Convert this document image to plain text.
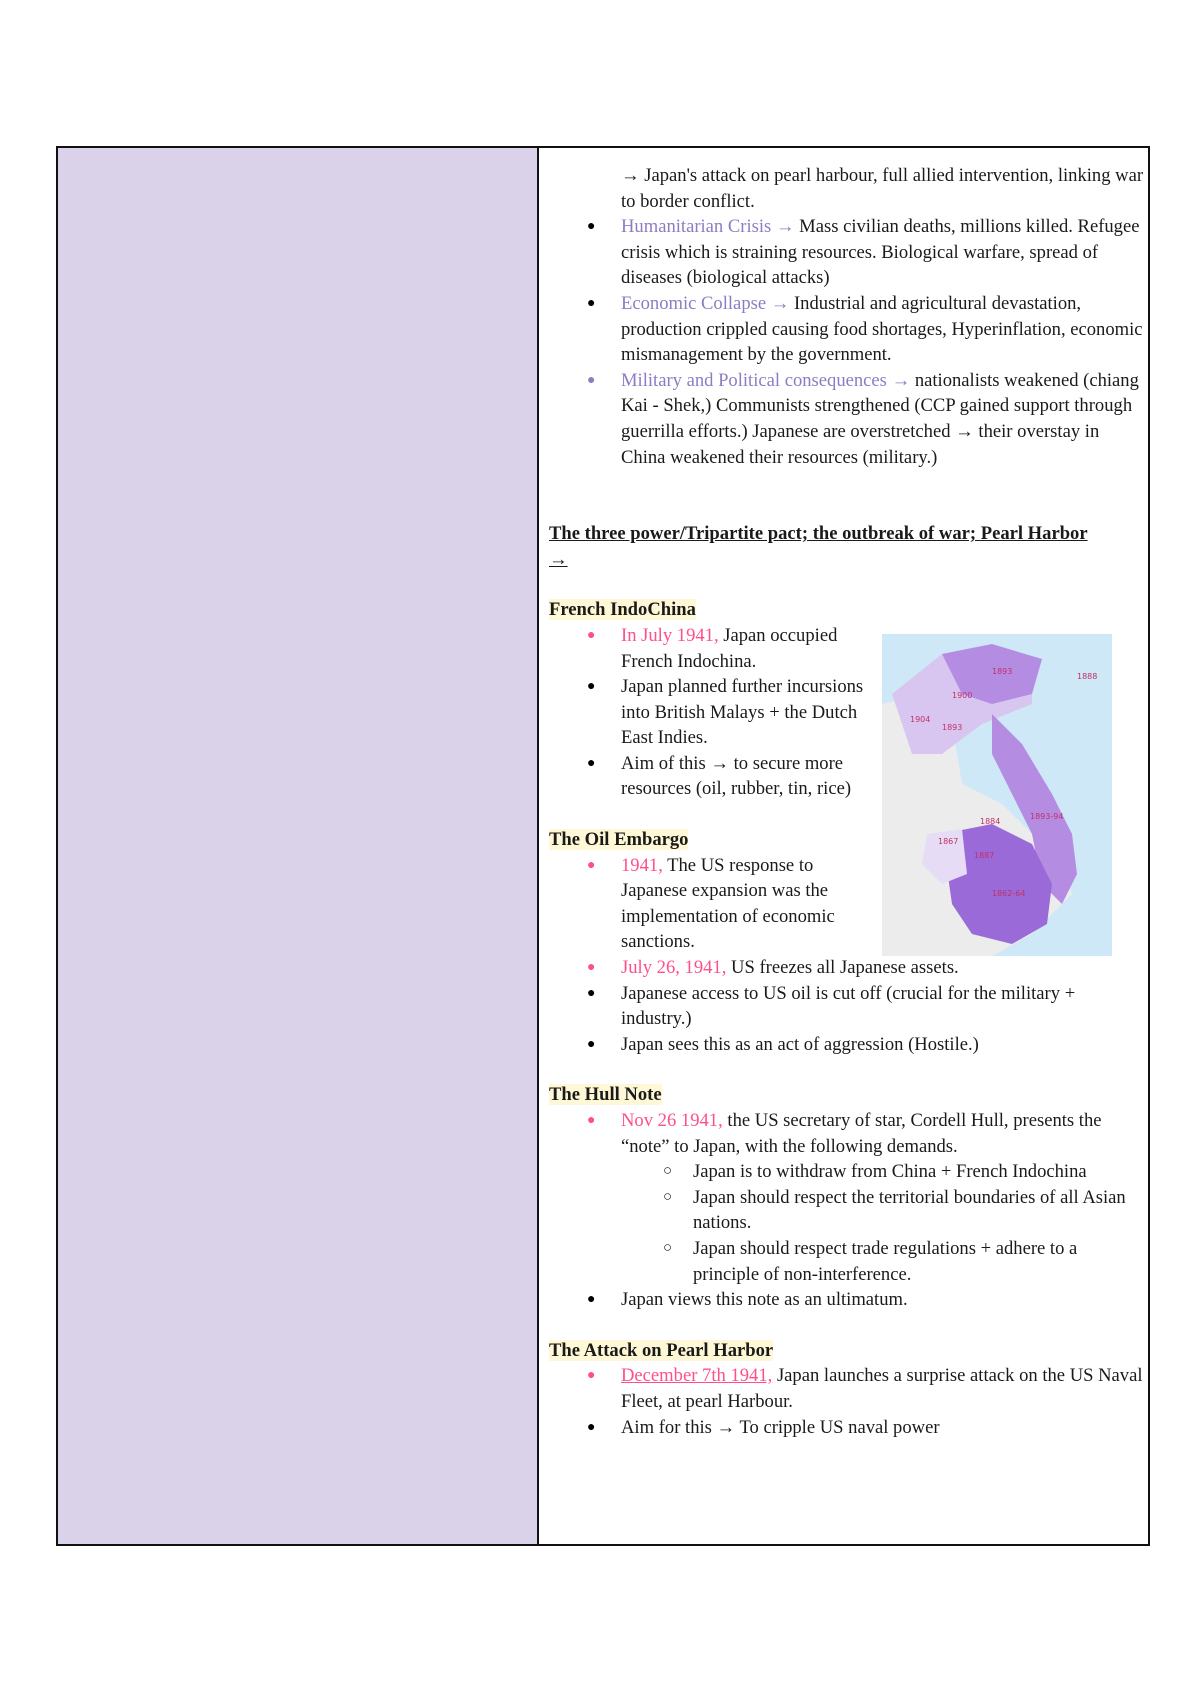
→ Japan's attack on pearl harbour, full allied intervention, linking war to border conflict.
● Humanitarian Crisis → Mass civilian deaths, millions killed. Refugee crisis which is straining resources. Biological warfare, spread of diseases (biological attacks)
● Economic Collapse → Industrial and agricultural devastation, production crippled causing food shortages, Hyperinflation, economic mismanagement by the government.
● Military and Political consequences → nationalists weakened (chiang Kai - Shek,) Communists strengthened (CCP gained support through guerrilla efforts.) Japanese are overstretched → their overstay in China weakened their resources (military.)

The three power/Tripartite pact; the outbreak of war; Pearl Harbor →

French IndoChina

● In July 1941, Japan occupied French Indochina.
● Japan planned further incursions into British Malays + the Dutch East Indies.
● Aim of this → to secure more resources (oil, rubber, tin, rice)

The Oil Embargo

● 1941, The US response to Japanese expansion was the implementation of economic sanctions.
● July 26, 1941, US freezes all Japanese assets.
● Japanese access to US oil is cut off (crucial for the military + industry.)
● Japan sees this as an act of aggression (Hostile.)

The Hull Note

● Nov 26 1941, the US secretary of star, Cordell Hull, presents the “note” to Japan, with the following demands.
○ Japan is to withdraw from China + French Indochina
○ Japan should respect the territorial boundaries of all Asian nations.
○ Japan should respect trade regulations + adhere to a principle of non-interference.
● Japan views this note as an ultimatum.

The Attack on Pearl Harbor

● December 7th 1941, Japan launches a surprise attack on the US Naval Fleet, at pearl Harbour.
● Aim for this → To cripple US naval power
1893
1888
1900
1904
1893
1893-94
1884
1867
1887
1862-64
